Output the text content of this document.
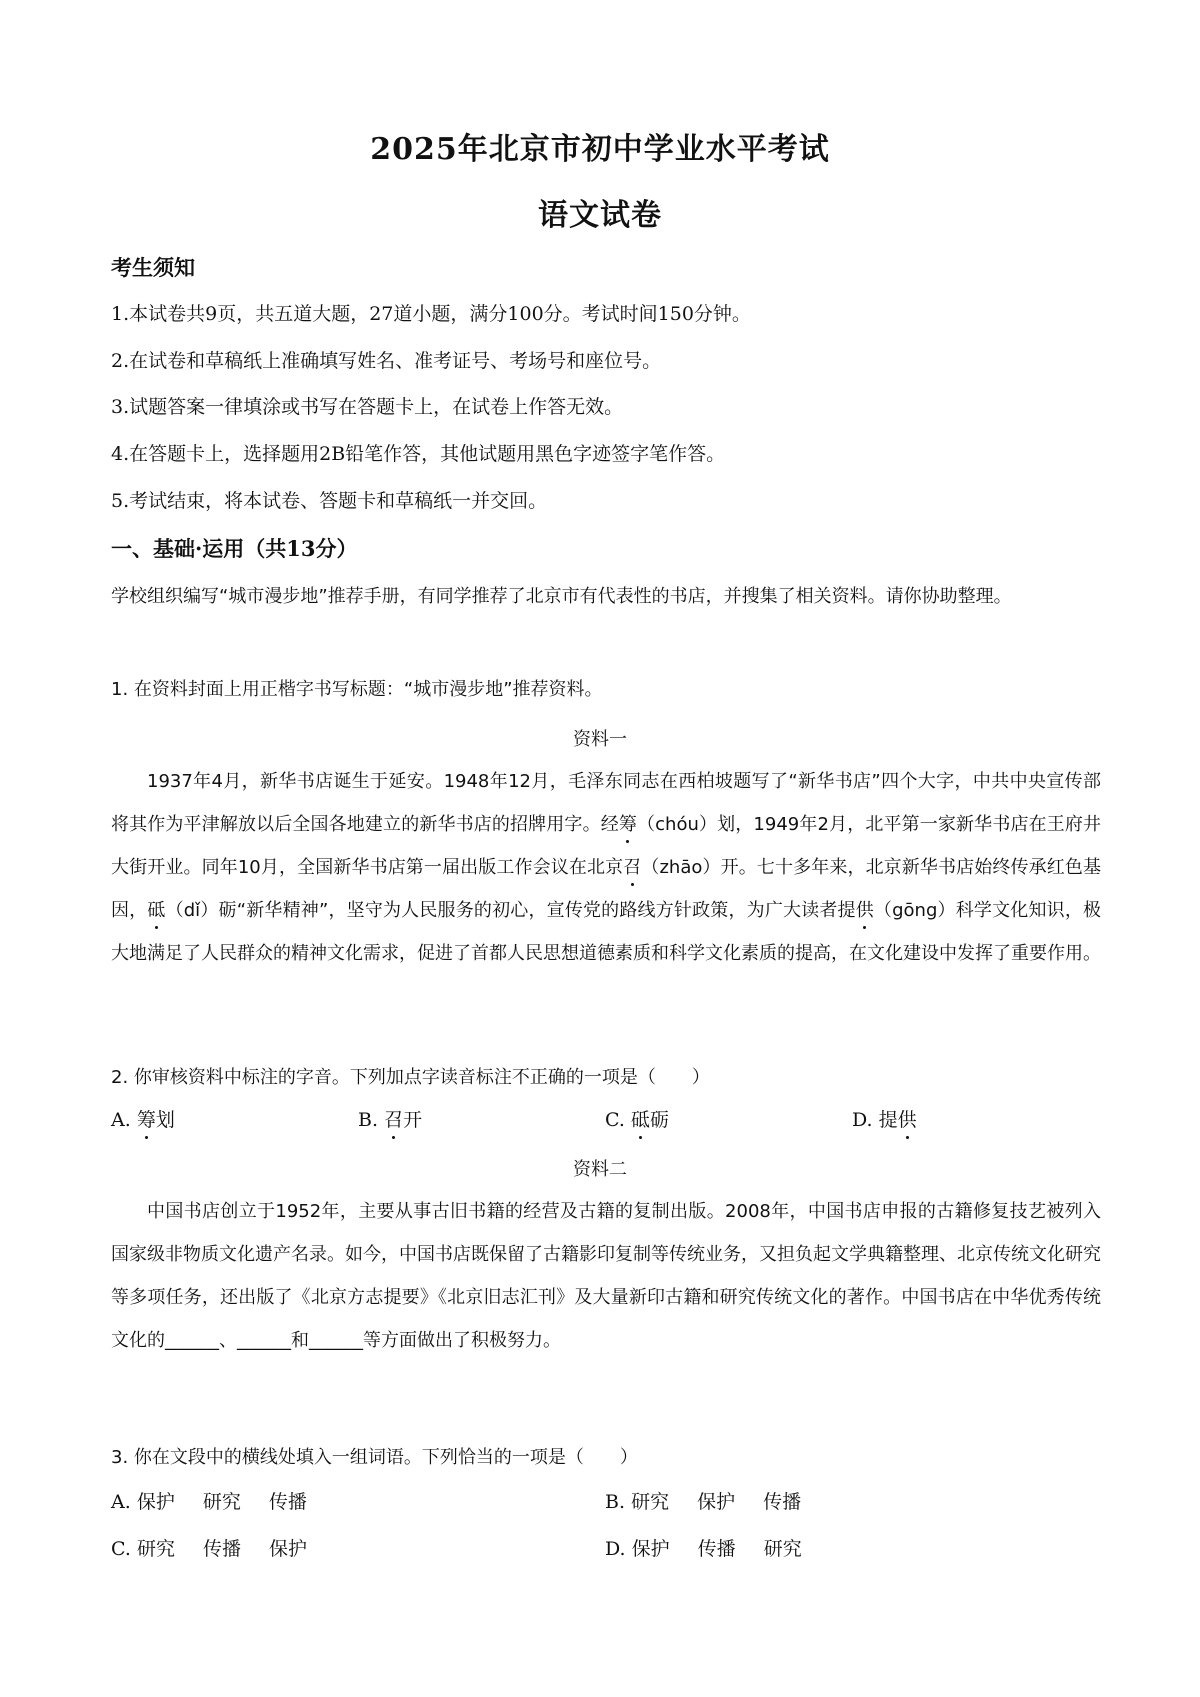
2025年北京市初中学业水平考试
语文试卷
考生须知
1.本试卷共9页，共五道大题，27道小题，满分100分。考试时间150分钟。
2.在试卷和草稿纸上准确填写姓名、准考证号、考场号和座位号。
3.试题答案一律填涂或书写在答题卡上，在试卷上作答无效。
4.在答题卡上，选择题用2B铅笔作答，其他试题用黑色字迹签字笔作答。
5.考试结束，将本试卷、答题卡和草稿纸一并交回。
一、基础·运用（共13分）
学校组织编写“城市漫步地”推荐手册，有同学推荐了北京市有代表性的书店，并搜集了相关资料。请你协助整理。
1. 在资料封面上用正楷字书写标题：“城市漫步地”推荐资料。
资料一
1937年4月，新华书店诞生于延安。1948年12月，毛泽东同志在西柏坡题写了“新华书店”四个大字，中共中央宣传部将其作为平津解放以后全国各地建立的新华书店的招牌用字。经筹（chóu）划，1949年2月，北平第一家新华书店在王府井大街开业。同年10月，全国新华书店第一届出版工作会议在北京召（zhāo）开。七十多年来，北京新华书店始终传承红色基因，砥（dǐ）砺“新华精神”，坚守为人民服务的初心，宣传党的路线方针政策，为广大读者提供（gōng）科学文化知识，极大地满足了人民群众的精神文化需求，促进了首都人民思想道德素质和科学文化素质的提高，在文化建设中发挥了重要作用。
2. 你审核资料中标注的字音。下列加点字读音标注不正确的一项是（　　）
A. 筹划	B. 召开	C. 砥砺	D. 提供
资料二
中国书店创立于1952年，主要从事古旧书籍的经营及古籍的复制出版。2008年，中国书店申报的古籍修复技艺被列入国家级非物质文化遗产名录。如今，中国书店既保留了古籍影印复制等传统业务，又担负起文学典籍整理、北京传统文化研究等多项任务，还出版了《北京方志提要》《北京旧志汇刊》及大量新印古籍和研究传统文化的著作。中国书店在中华优秀传统文化的______、______和______等方面做出了积极努力。
3. 你在文段中的横线处填入一组词语。下列恰当的一项是（　　）
A. 保护 研究 传播	B. 研究 保护 传播
C. 研究 传播 保护	D. 保护 传播 研究
